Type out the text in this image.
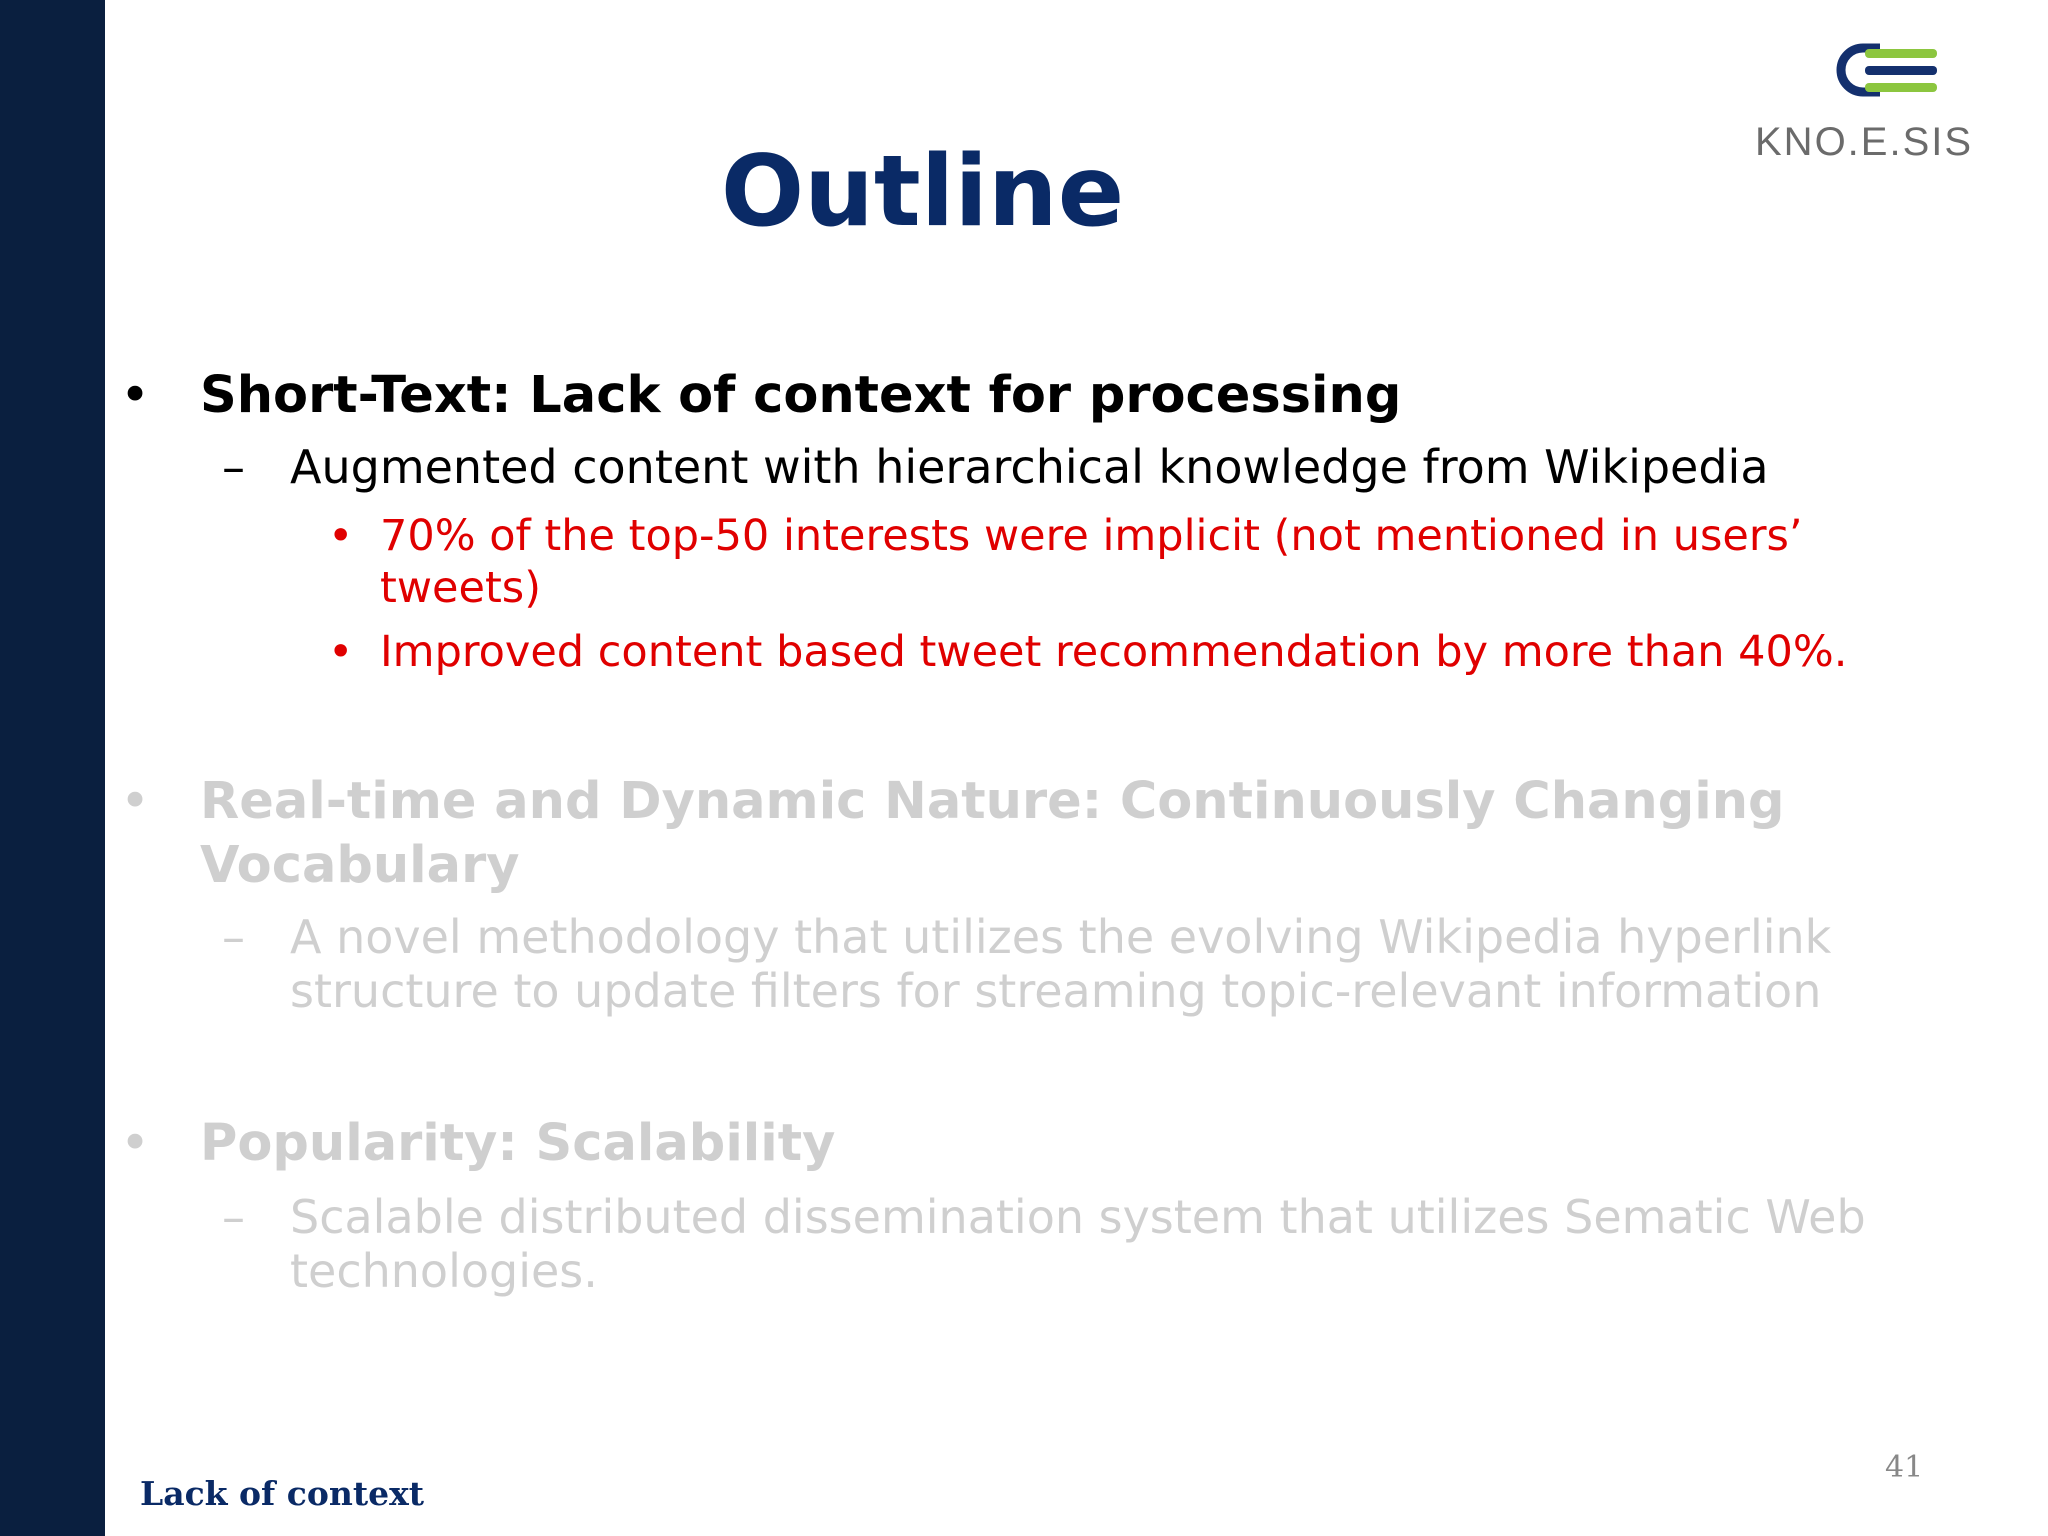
KNO.E.SIS
Outline
• Short-Text: Lack of context for processing
– Augmented content with hierarchical knowledge from Wikipedia
• 70% of the top-50 interests were implicit (not mentioned in users’
tweets)
• Improved content based tweet recommendation by more than 40%.
• Real-time and Dynamic Nature: Continuously Changing
Vocabulary
– A novel methodology that utilizes the evolving Wikipedia hyperlink
structure to update filters for streaming topic-relevant information
• Popularity: Scalability
– Scalable distributed dissemination system that utilizes Sematic Web
technologies.
41
Lack of context
